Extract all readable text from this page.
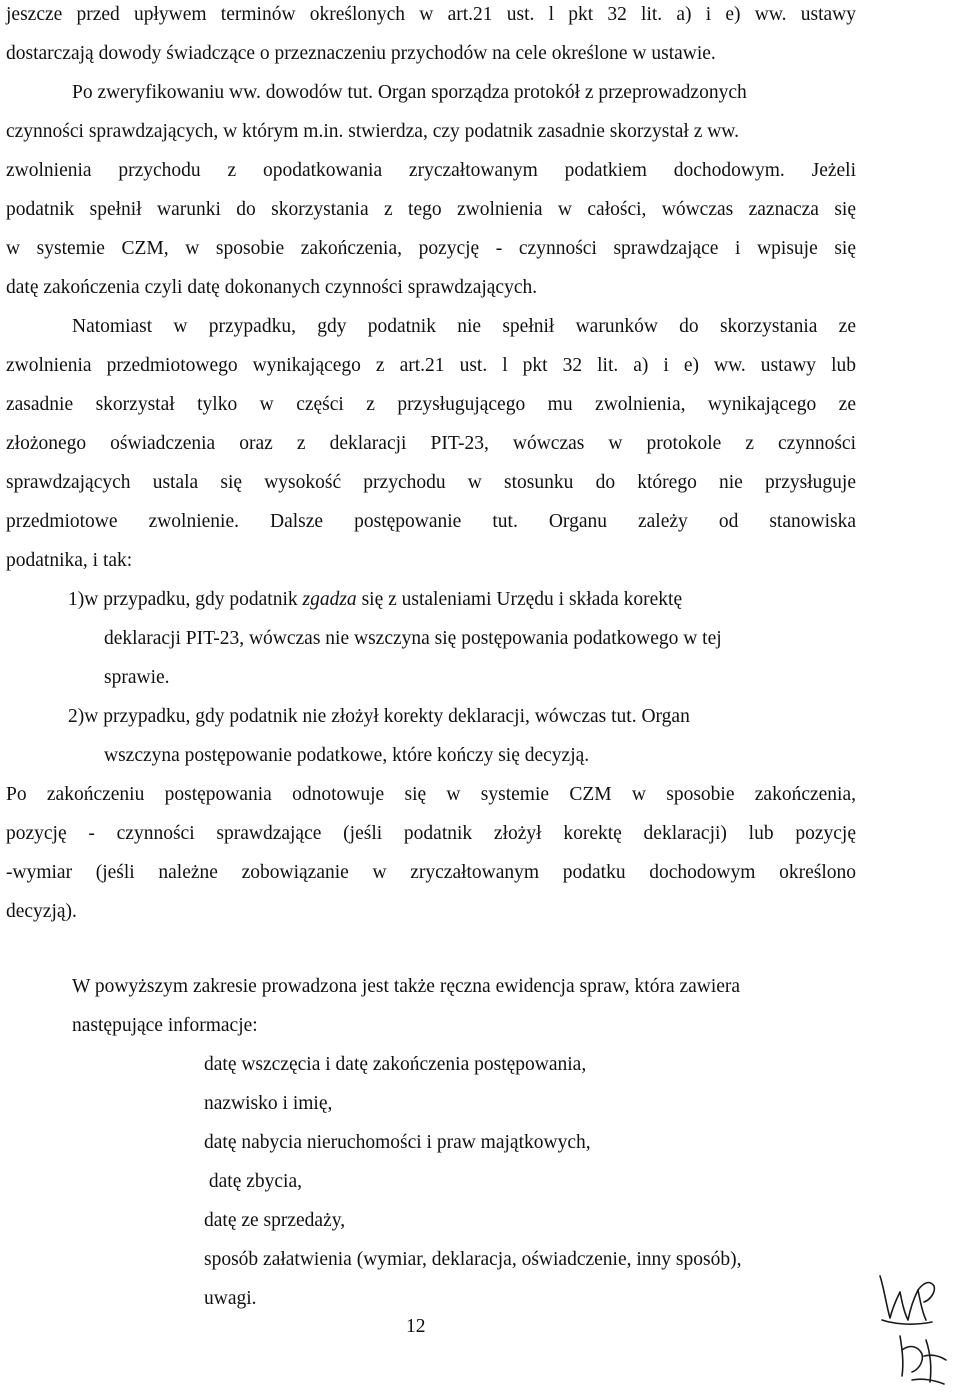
jeszcze przed upływem terminów określonych w art.21 ust. l pkt 32 lit. a) i e) ww. ustawy
dostarczają dowody świadczące o przeznaczeniu przychodów na cele określone w ustawie.
Po zweryfikowaniu ww. dowodów tut. Organ sporządza protokół z przeprowadzonych
czynności sprawdzających, w którym m.in. stwierdza, czy podatnik zasadnie skorzystał z ww.
zwolnienia przychodu z opodatkowania zryczałtowanym podatkiem dochodowym. Jeżeli
podatnik spełnił warunki do skorzystania z tego zwolnienia w całości, wówczas zaznacza się
w systemie CZM, w sposobie zakończenia, pozycję - czynności sprawdzające i wpisuje się
datę zakończenia czyli datę dokonanych czynności sprawdzających.
Natomiast w przypadku, gdy podatnik nie spełnił warunków do skorzystania ze
zwolnienia przedmiotowego wynikającego z art.21 ust. l pkt 32 lit. a) i e) ww. ustawy lub
zasadnie skorzystał tylko w części z przysługującego mu zwolnienia, wynikającego ze
złożonego oświadczenia oraz z deklaracji PIT-23, wówczas w protokole z czynności
sprawdzających ustala się wysokość przychodu w stosunku do którego nie przysługuje
przedmiotowe zwolnienie. Dalsze postępowanie tut. Organu zależy od stanowiska
podatnika, i tak:
1)w przypadku, gdy podatnik zgadza się z ustaleniami Urzędu i składa korektę
deklaracji PIT-23, wówczas nie wszczyna się postępowania podatkowego w tej
sprawie.
2)w przypadku, gdy podatnik nie złożył korekty deklaracji, wówczas tut. Organ
wszczyna postępowanie podatkowe, które kończy się decyzją.
Po zakończeniu postępowania odnotowuje się w systemie CZM w sposobie zakończenia,
pozycję - czynności sprawdzające (jeśli podatnik złożył korektę deklaracji) lub pozycję
-wymiar (jeśli należne zobowiązanie w zryczałtowanym podatku dochodowym określono
decyzją).
W powyższym zakresie prowadzona jest także ręczna ewidencja spraw, która zawiera
następujące informacje:
datę wszczęcia i datę zakończenia postępowania,
nazwisko i imię,
datę nabycia nieruchomości i praw majątkowych,
datę zbycia,
datę ze sprzedaży,
sposób załatwienia (wymiar, deklaracja, oświadczenie, inny sposób),
uwagi.
12
